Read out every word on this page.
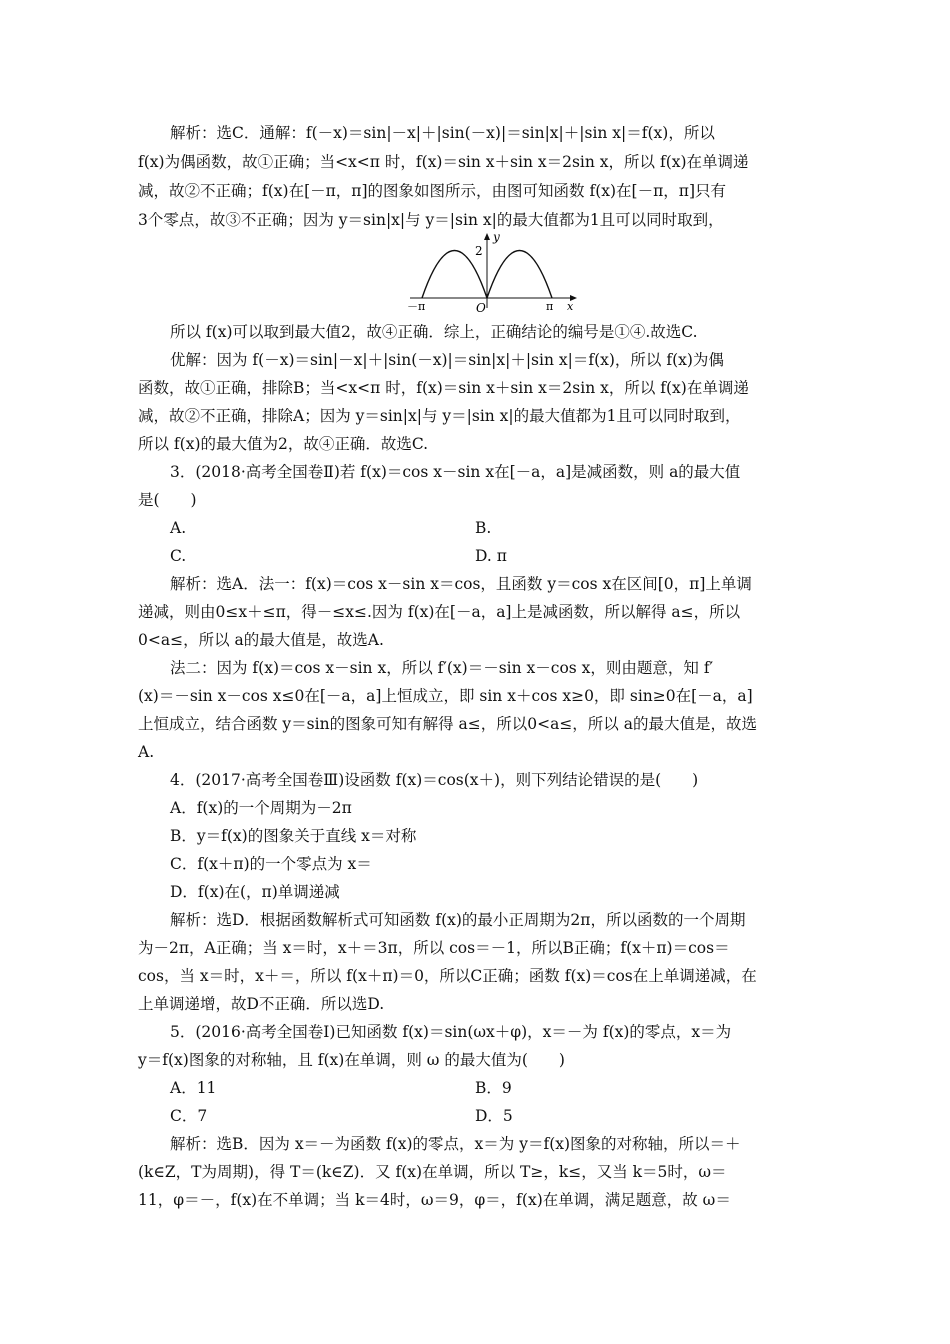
解析：选C．通解：f(－x)＝sin|－x|＋|sin(－x)|＝sin|x|＋|sin x|＝f(x)，所以
f(x)为偶函数，故①正确；当<x<π 时，f(x)＝sin x＋sin x＝2sin x，所以 f(x)在单调递
减，故②不正确；f(x)在[－π，π]的图象如图所示，由图可知函数 f(x)在[－π，π]只有
3个零点，故③不正确；因为 y＝sin|x|与 y＝|sin x|的最大值都为1且可以同时取到，
y
2
O
－π	π x
所以 f(x)可以取到最大值2，故④正确．综上，正确结论的编号是①④.故选C.
优解：因为 f(－x)＝sin|－x|＋|sin(－x)|＝sin|x|＋|sin x|＝f(x)，所以 f(x)为偶
函数，故①正确，排除B；当<x<π 时，f(x)＝sin x＋sin x＝2sin x，所以 f(x)在单调递
减，故②不正确，排除A；因为 y＝sin|x|与 y＝|sin x|的最大值都为1且可以同时取到，
所以 f(x)的最大值为2，故④正确．故选C.
3．(2018·高考全国卷Ⅱ)若 f(x)＝cos x－sin x在[－a，a]是减函数，则 a的最大值
是(　　)
A.	B.
C.	D. π
解析：选A．法一：f(x)＝cos x－sin x＝cos，且函数 y＝cos x在区间[0，π]上单调
递减，则由0≤x＋≤π，得－≤x≤.因为 f(x)在[－a，a]上是减函数，所以解得 a≤，所以
0<a≤，所以 a的最大值是，故选A.
法二：因为 f(x)＝cos x－sin x，所以 f′(x)＝－sin x－cos x，则由题意，知 f′
(x)＝－sin x－cos x≤0在[－a，a]上恒成立，即 sin x＋cos x≥0，即 sin≥0在[－a，a]
上恒成立，结合函数 y＝sin的图象可知有解得 a≤，所以0<a≤，所以 a的最大值是，故选
A.
4．(2017·高考全国卷Ⅲ)设函数 f(x)＝cos(x＋)，则下列结论错误的是(　　)
A．f(x)的一个周期为－2π
B．y＝f(x)的图象关于直线 x＝对称
C．f(x＋π)的一个零点为 x＝
D．f(x)在(，π)单调递减
解析：选D．根据函数解析式可知函数 f(x)的最小正周期为2π，所以函数的一个周期
为－2π，A正确；当 x＝时，x＋＝3π，所以 cos＝－1，所以B正确；f(x＋π)＝cos＝
cos，当 x＝时，x＋＝，所以 f(x＋π)＝0，所以C正确；函数 f(x)＝cos在上单调递减，在
上单调递增，故D不正确．所以选D.
5．(2016·高考全国卷Ⅰ)已知函数 f(x)＝sin(ωx＋φ)，x＝－为 f(x)的零点，x＝为
y＝f(x)图象的对称轴，且 f(x)在单调，则 ω 的最大值为(　　)
A．11	B．9
C．7	D．5
解析：选B．因为 x＝－为函数 f(x)的零点，x＝为 y＝f(x)图象的对称轴，所以＝＋
(k∈Z，T为周期)，得 T＝(k∈Z)．又 f(x)在单调，所以 T≥，k≤，又当 k＝5时，ω＝
11，φ＝－，f(x)在不单调；当 k＝4时，ω＝9，φ＝，f(x)在单调，满足题意，故 ω＝
